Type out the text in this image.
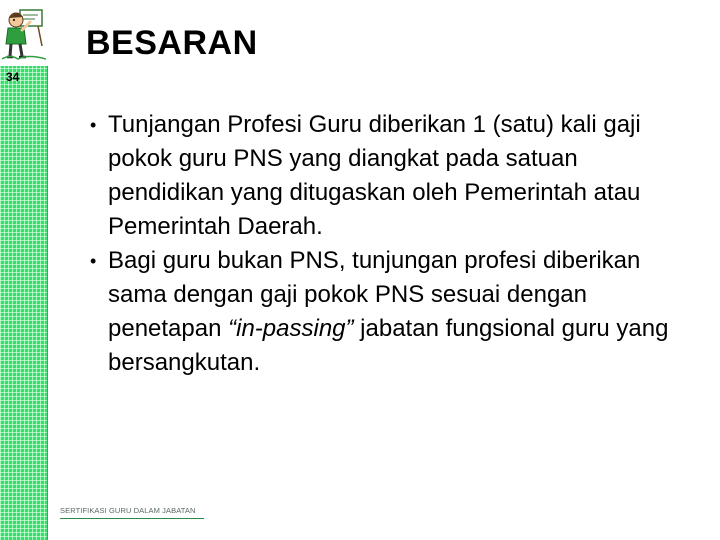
34
BESARAN
• Tunjangan Profesi Guru diberikan 1 (satu) kali gaji pokok guru PNS yang diangkat pada satuan pendidikan yang ditugaskan oleh Pemerintah atau Pemerintah Daerah.
• Bagi guru bukan PNS, tunjungan profesi diberikan sama dengan gaji pokok PNS sesuai dengan penetapan “in-passing” jabatan fungsional guru yang bersangkutan.
SERTIFIKASI GURU DALAM JABATAN
